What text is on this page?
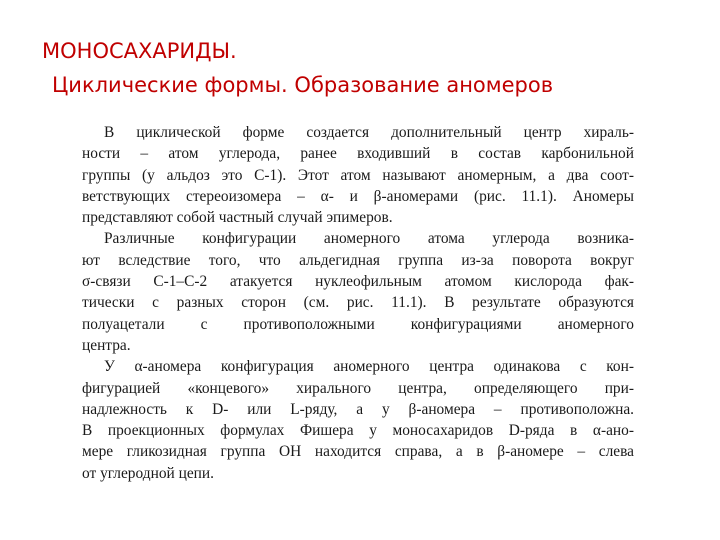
МОНОСАХАРИДЫ.
Циклические формы. Образование аномеров
В циклической форме создается дополнительный центр хираль-
ности – атом углерода, ранее входивший в состав карбонильной
группы (у альдоз это С-1). Этот атом называют аномерным, а два соот-
ветствующих стереоизомера – α- и β-аномерами (рис. 11.1). Аномеры
представляют собой частный случай эпимеров.
Различные конфигурации аномерного атома углерода возника-
ют вследствие того, что альдегидная группа из-за поворота вокруг
σ-связи С-1–С-2 атакуется нуклеофильным атомом кислорода фак-
тически с разных сторон (см. рис. 11.1). В результате образуются
полуацетали с противоположными конфигурациями аномерного
центра.
У α-аномера конфигурация аномерного центра одинакова с кон-
фигурацией «концевого» хирального центра, определяющего при-
надлежность к D- или L-ряду, а у β-аномера – противоположна.
В проекционных формулах Фишера у моносахаридов D-ряда в α-ано-
мере гликозидная группа ОН находится справа, а в β-аномере – слева
от углеродной цепи.
